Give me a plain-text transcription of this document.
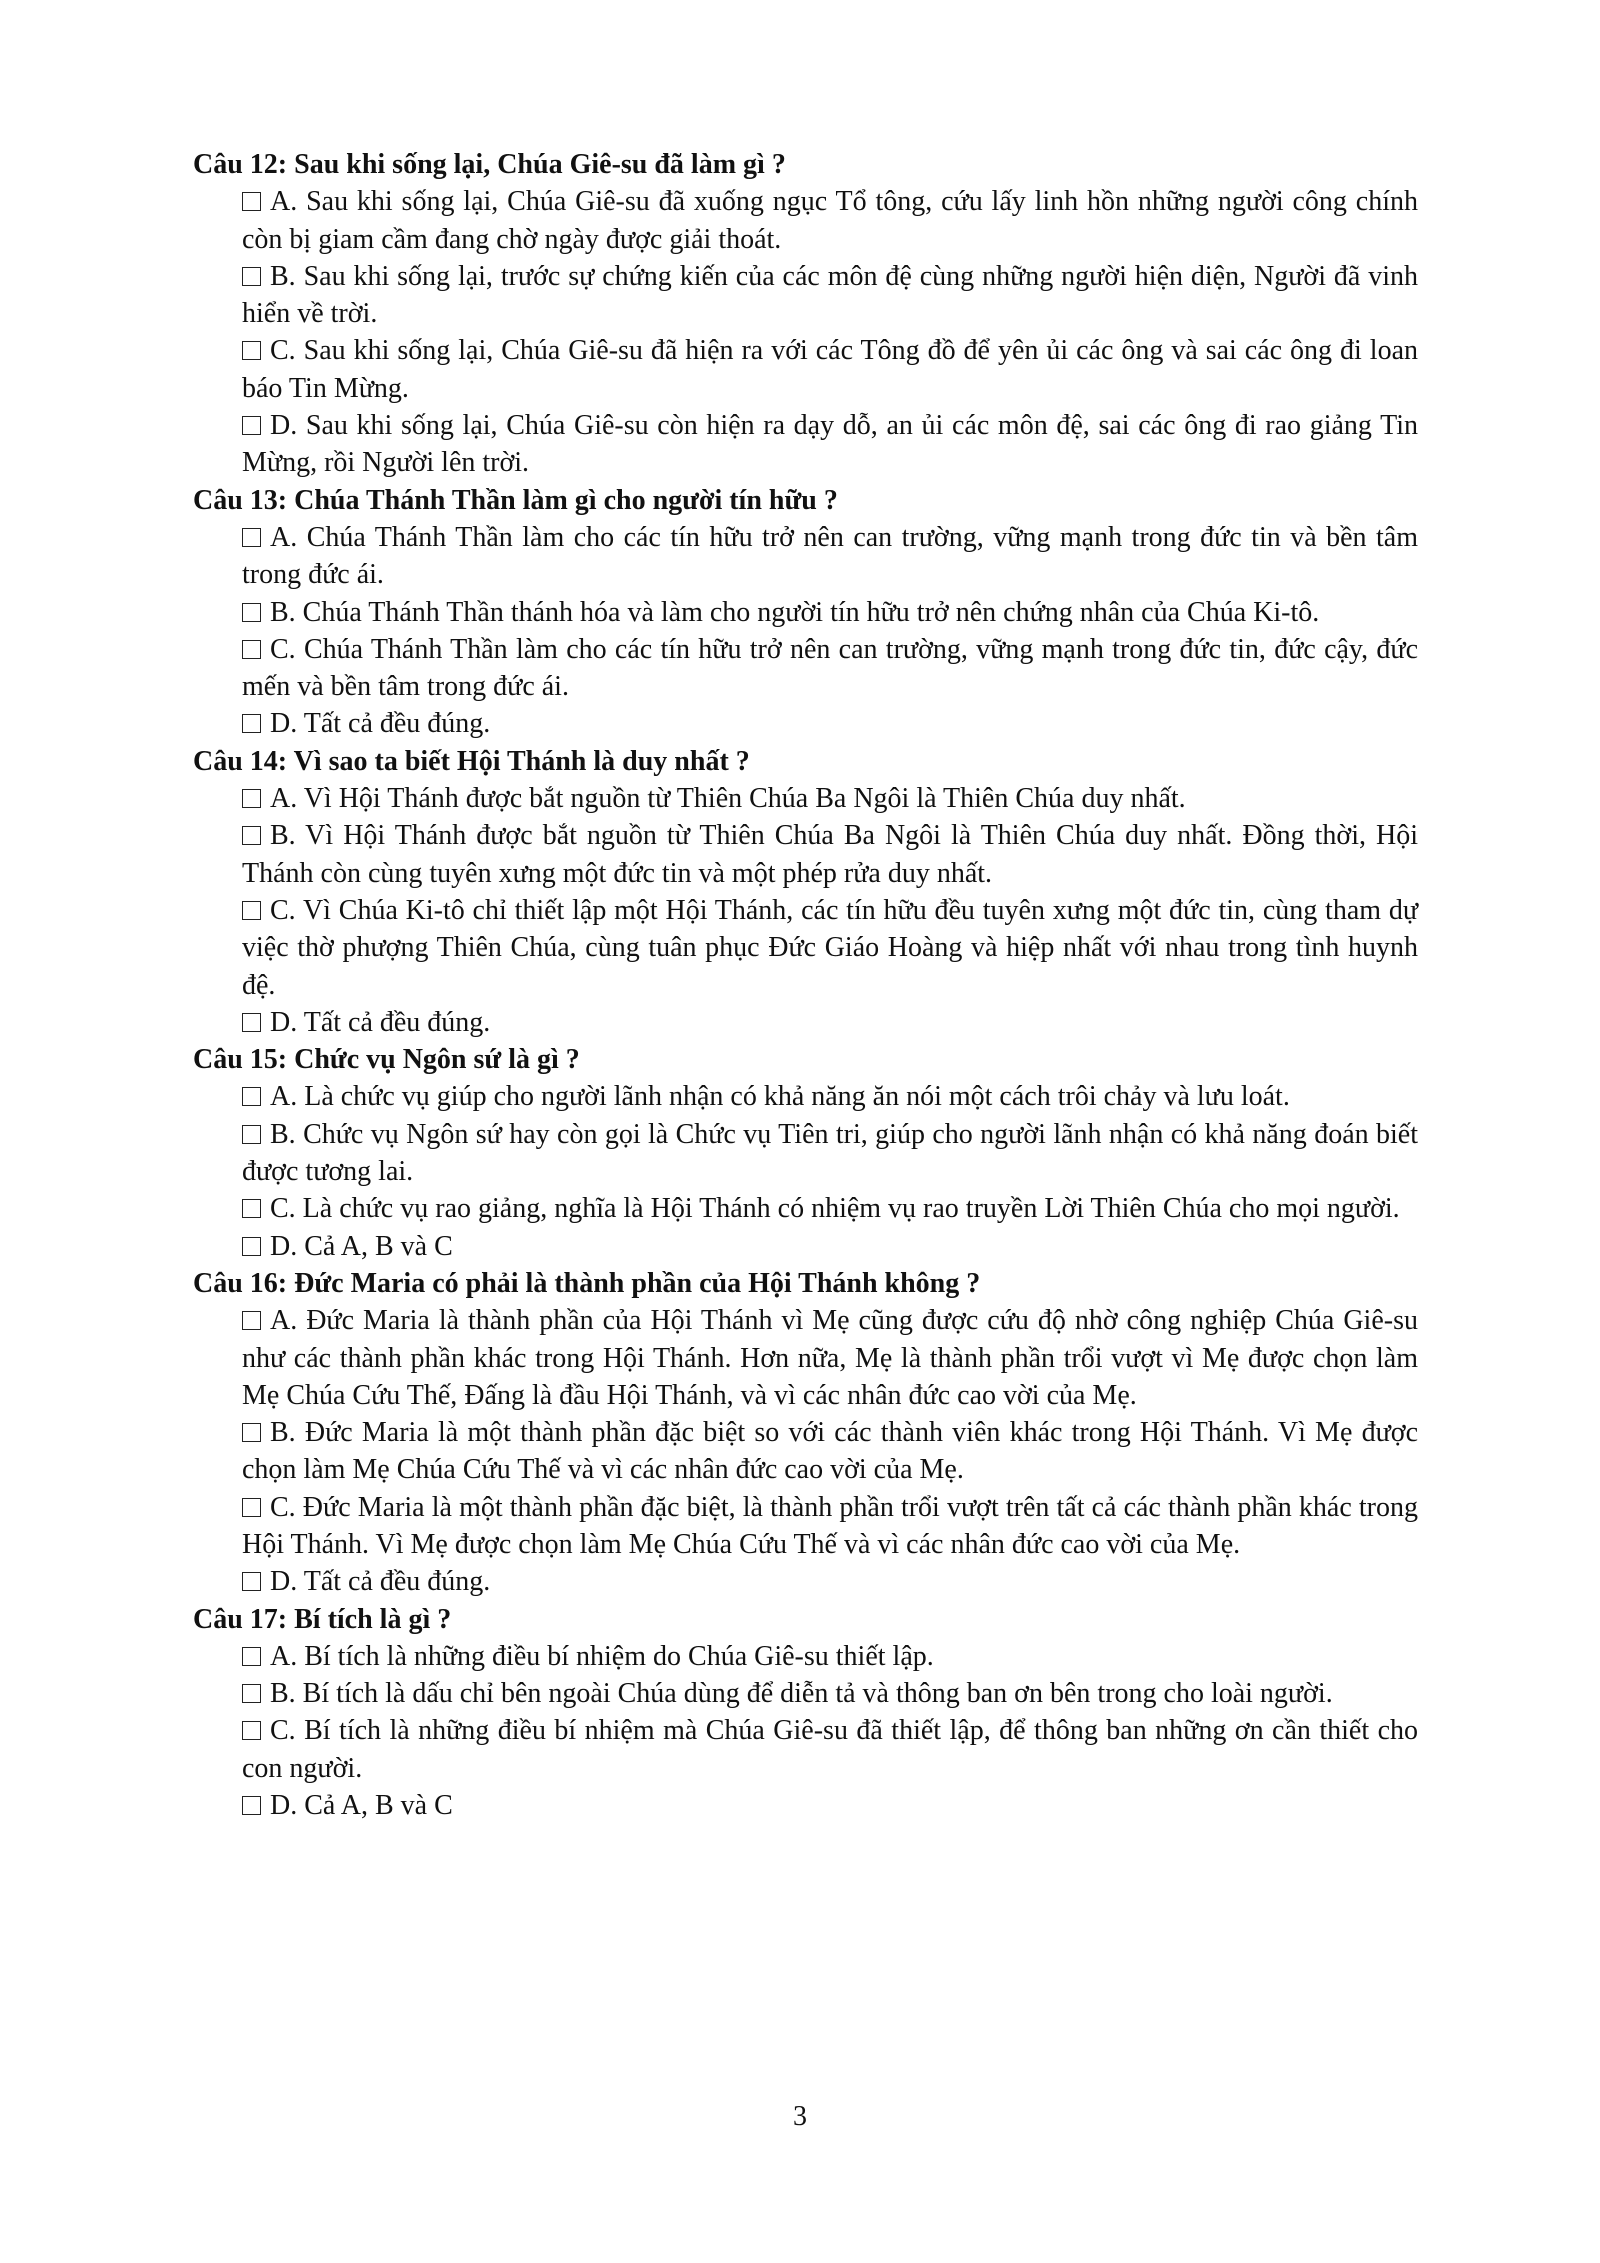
Câu 12: Sau khi sống lại, Chúa Giê-su đã làm gì ?
A. Sau khi sống lại, Chúa Giê-su đã xuống ngục Tổ tông, cứu lấy linh hồn những người công chính còn bị giam cầm đang chờ ngày được giải thoát.
B. Sau khi sống lại, trước sự chứng kiến của các môn đệ cùng những người hiện diện, Người đã vinh hiển về trời.
C. Sau khi sống lại, Chúa Giê-su đã hiện ra với các Tông đồ để yên ủi các ông và sai các ông đi loan báo Tin Mừng.
D. Sau khi sống lại, Chúa Giê-su còn hiện ra dạy dỗ, an ủi các môn đệ, sai các ông đi rao giảng Tin Mừng, rồi Người lên trời.
Câu 13: Chúa Thánh Thần làm gì cho người tín hữu ?
A. Chúa Thánh Thần làm cho các tín hữu trở nên can trường, vững mạnh trong đức tin và bền tâm trong đức ái.
B. Chúa Thánh Thần thánh hóa và làm cho người tín hữu trở nên chứng nhân của Chúa Ki-tô.
C. Chúa Thánh Thần làm cho các tín hữu trở nên can trường, vững mạnh trong đức tin, đức cậy, đức mến và bền tâm trong đức ái.
D. Tất cả đều đúng.
Câu 14: Vì sao ta biết Hội Thánh là duy nhất ?
A. Vì Hội Thánh được bắt nguồn từ Thiên Chúa Ba Ngôi là Thiên Chúa duy nhất.
B. Vì Hội Thánh được bắt nguồn từ Thiên Chúa Ba Ngôi là Thiên Chúa duy nhất. Đồng thời, Hội Thánh còn cùng tuyên xưng một đức tin và một phép rửa duy nhất.
C. Vì Chúa Ki-tô chỉ thiết lập một Hội Thánh, các tín hữu đều tuyên xưng một đức tin, cùng tham dự việc thờ phượng Thiên Chúa, cùng tuân phục Đức Giáo Hoàng và hiệp nhất với nhau trong tình huynh đệ.
D. Tất cả đều đúng.
Câu 15: Chức vụ Ngôn sứ là gì ?
A. Là chức vụ giúp cho người lãnh nhận có khả năng ăn nói một cách trôi chảy và lưu loát.
B. Chức vụ Ngôn sứ hay còn gọi là Chức vụ Tiên tri, giúp cho người lãnh nhận có khả năng đoán biết được tương lai.
C. Là chức vụ rao giảng, nghĩa là Hội Thánh có nhiệm vụ rao truyền Lời Thiên Chúa cho mọi người.
D. Cả A, B và C
Câu 16: Đức Maria có phải là thành phần của Hội Thánh không ?
A. Đức Maria là thành phần của Hội Thánh vì Mẹ cũng được cứu độ nhờ công nghiệp Chúa Giê-su như các thành phần khác trong Hội Thánh. Hơn nữa, Mẹ là thành phần trổi vượt vì Mẹ được chọn làm Mẹ Chúa Cứu Thế, Đấng là đầu Hội Thánh, và vì các nhân đức cao vời của Mẹ.
B. Đức Maria là một thành phần đặc biệt so với các thành viên khác trong Hội Thánh. Vì Mẹ được chọn làm Mẹ Chúa Cứu Thế và vì các nhân đức cao vời của Mẹ.
C. Đức Maria là một thành phần đặc biệt, là thành phần trổi vượt trên tất cả các thành phần khác trong Hội Thánh. Vì Mẹ được chọn làm Mẹ Chúa Cứu Thế và vì các nhân đức cao vời của Mẹ.
D. Tất cả đều đúng.
Câu 17: Bí tích là gì ?
A. Bí tích là những điều bí nhiệm do Chúa Giê-su thiết lập.
B. Bí tích là dấu chỉ bên ngoài Chúa dùng để diễn tả và thông ban ơn bên trong cho loài người.
C. Bí tích là những điều bí nhiệm mà Chúa Giê-su đã thiết lập, để thông ban những ơn cần thiết cho con người.
D. Cả A, B và C
3
